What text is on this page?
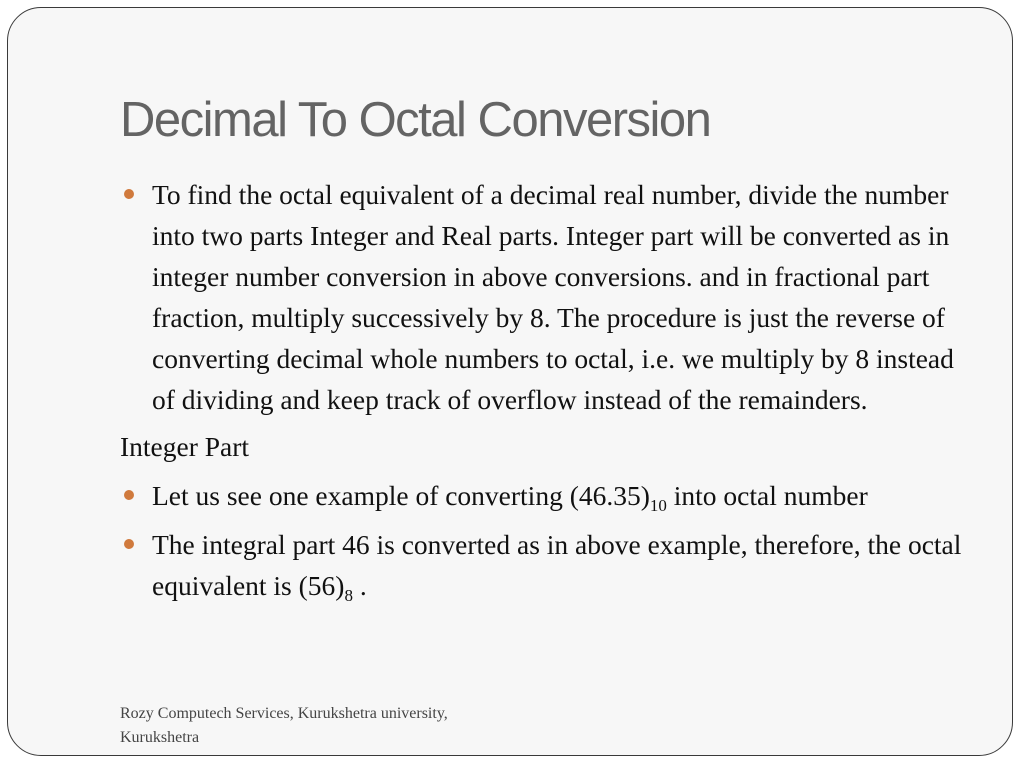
Decimal To Octal Conversion
To find the octal equivalent of a decimal real number, divide the number into two parts Integer and Real parts. Integer part will be converted as in integer number conversion in above conversions. and in fractional part fraction, multiply successively by 8. The procedure is just the reverse of converting decimal whole numbers to octal, i.e. we multiply by 8 instead of dividing and keep track of overflow instead of the remainders.
Integer Part
Let us see one example of converting $(46.35)_{10}$ into octal number
The integral part 46 is converted as in above example, therefore, the octal equivalent is $(56)_8$ .
Rozy Computech Services, Kurukshetra university,
Kurukshetra
